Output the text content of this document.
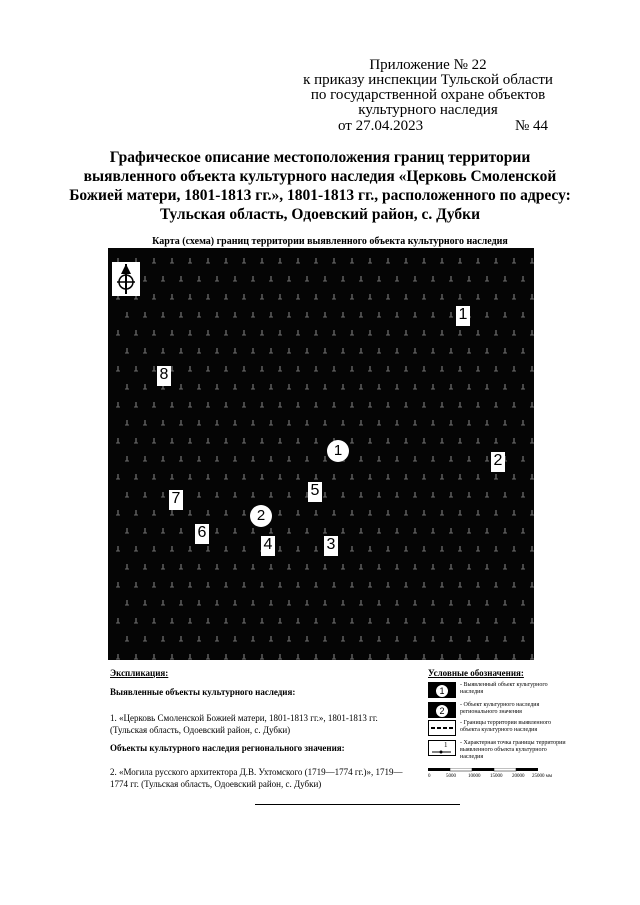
Приложение № 22
к приказу инспекции Тульской области
по государственной охране объектов
культурного наследия
от 27.04.2023	№ 44
Графическое описание местоположения границ территории
выявленного объекта культурного наследия «Церковь Смоленской
Божией матери, 1801-1813 гг.», 1801-1813 гг., расположенного по адресу:
Тульская область, Одоевский район, с. Дубки
Карта (схема) границ территории выявленного объекта культурного наследия
1
2
3
4
5
6
7
8
1
2
Экспликация:
Выявленные объекты культурного наследия:
1. «Церковь Смоленской Божией матери, 1801-1813 гг.», 1801-1813 гг. (Тульская область, Одоевский район, с. Дубки)
Объекты культурного наследия регионального значения:
2. «Могила русского архитектора Д.В. Ухтомского (1719—1774 гг.)», 1719—1774 гг. (Тульская область, Одоевский район, с. Дубки)
Условные обозначения:
1
- Выявленный объект культурного наследия
2
- Объект культурного наследия регионального значения
- Границы территории выявленного объекта культурного наследия
1 - Характерная точка границы территории выявленного объекта культурного наследия
0	5000 10000 15000 20000 25000 мм
